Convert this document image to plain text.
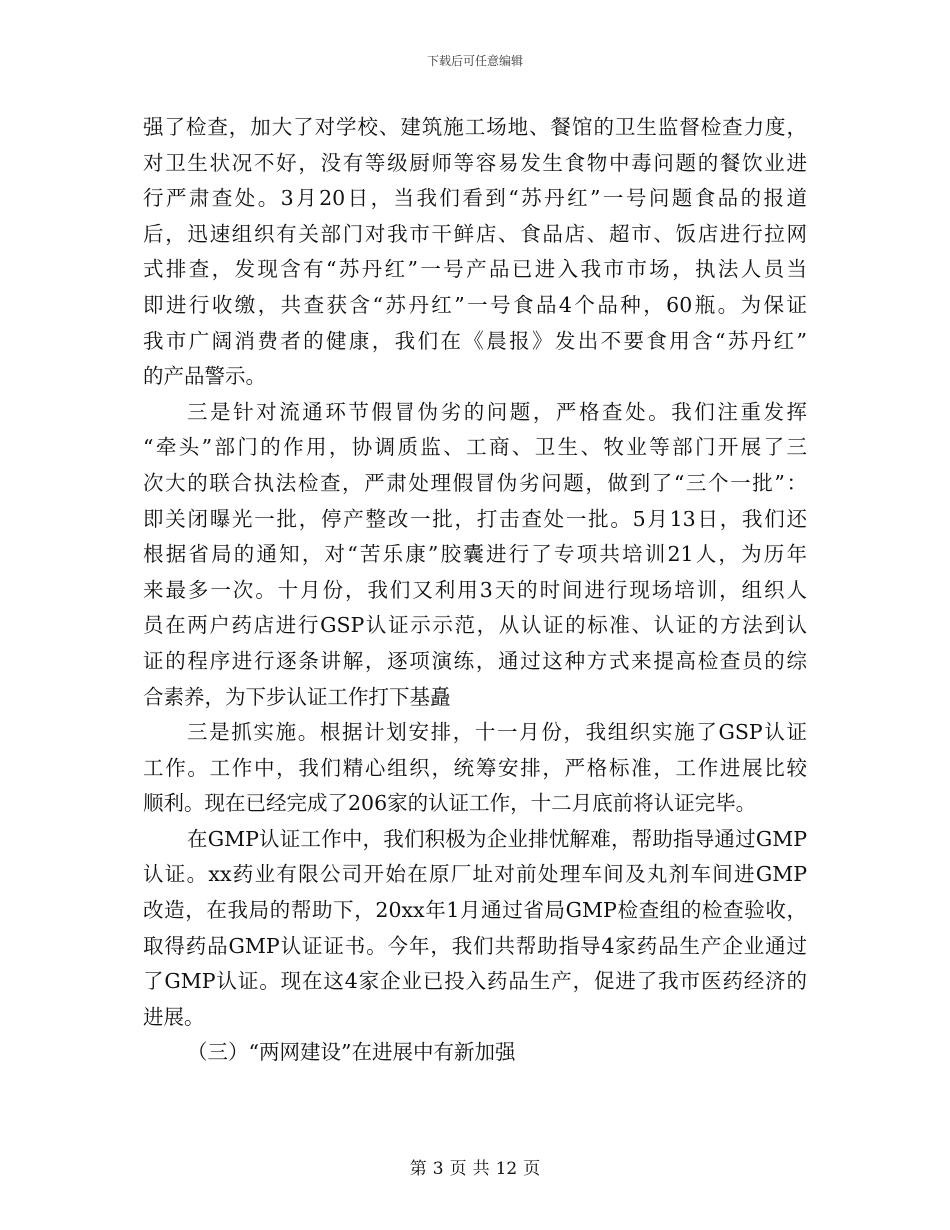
下载后可任意编辑
强了检查，加大了对学校、建筑施工场地、餐馆的卫生监督检查力度，
对卫生状况不好，没有等级厨师等容易发生食物中毒问题的餐饮业进
行严肃查处。3月20日，当我们看到“苏丹红”一号问题食品的报道
后，迅速组织有关部门对我市干鲜店、食品店、超市、饭店进行拉网
式排查，发现含有“苏丹红”一号产品已进入我市市场，执法人员当
即进行收缴，共查获含“苏丹红”一号食品4个品种，60瓶。为保证
我市广阔消费者的健康，我们在《晨报》发出不要食用含“苏丹红”
的产品警示。
三是针对流通环节假冒伪劣的问题，严格查处。我们注重发挥
“牵头”部门的作用，协调质监、工商、卫生、牧业等部门开展了三
次大的联合执法检查，严肃处理假冒伪劣问题，做到了“三个一批”：
即关闭曝光一批，停产整改一批，打击查处一批。5月13日，我们还
根据省局的通知，对“苦乐康”胶囊进行了专项共培训21人，为历年
来最多一次。十月份，我们又利用3天的时间进行现场培训，组织人
员在两户药店进行GSP认证示示范，从认证的标准、认证的方法到认
证的程序进行逐条讲解，逐项演练，通过这种方式来提高检查员的综
合素养，为下步认证工作打下基矗
三是抓实施。根据计划安排，十一月份，我组织实施了GSP认证
工作。工作中，我们精心组织，统筹安排，严格标准，工作进展比较
顺利。现在已经完成了206家的认证工作，十二月底前将认证完毕。
在GMP认证工作中，我们积极为企业排忧解难，帮助指导通过GMP
认证。xx药业有限公司开始在原厂址对前处理车间及丸剂车间进GMP
改造，在我局的帮助下，20xx年1月通过省局GMP检查组的检查验收，
取得药品GMP认证证书。今年，我们共帮助指导4家药品生产企业通过
了GMP认证。现在这4家企业已投入药品生产，促进了我市医药经济的
进展。
（三）“两网建设”在进展中有新加强
第 3 页 共 12 页
